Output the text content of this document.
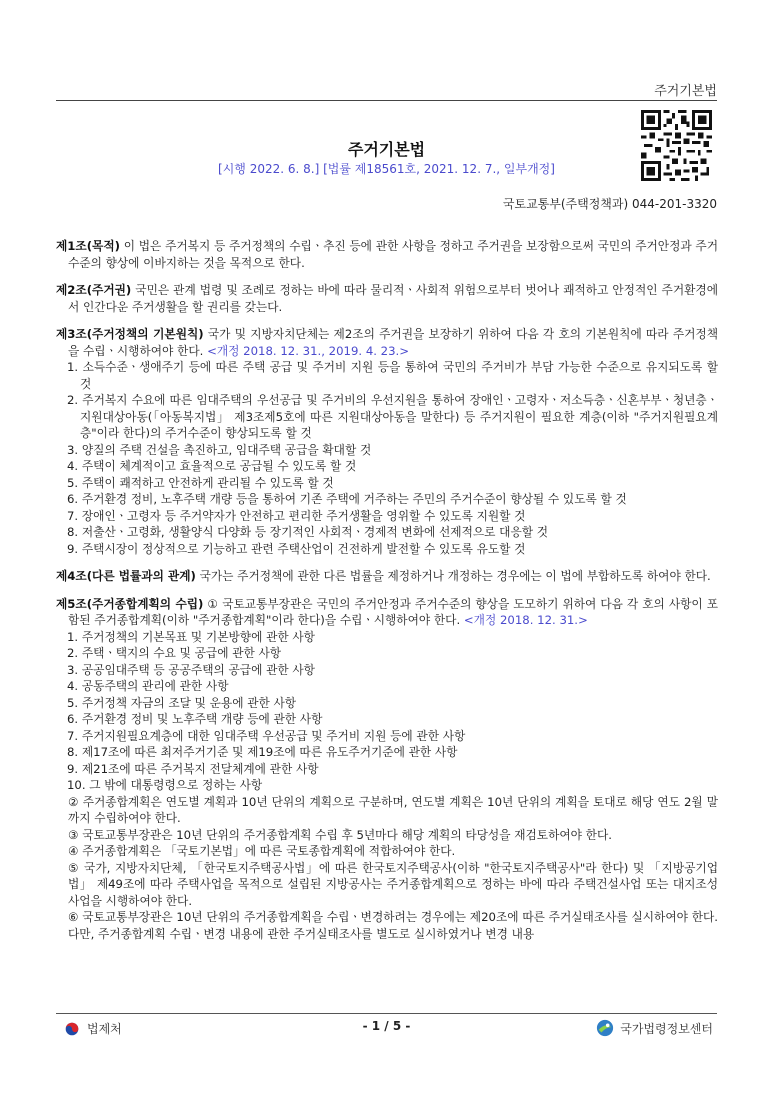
주거기본법
주거기본법
[시행 2022. 6. 8.] [법률 제18561호, 2021. 12. 7., 일부개정]
국토교통부(주택정책과) 044-201-3320
제1조(목적) 이 법은 주거복지 등 주거정책의 수립ㆍ추진 등에 관한 사항을 정하고 주거권을 보장함으로써 국민의 주거안정과 주거수준의 향상에 이바지하는 것을 목적으로 한다.
제2조(주거권) 국민은 관계 법령 및 조례로 정하는 바에 따라 물리적ㆍ사회적 위험으로부터 벗어나 쾌적하고 안정적인 주거환경에서 인간다운 주거생활을 할 권리를 갖는다.
제3조(주거정책의 기본원칙) 국가 및 지방자치단체는 제2조의 주거권을 보장하기 위하여 다음 각 호의 기본원칙에 따라 주거정책을 수립ㆍ시행하여야 한다. <개정 2018. 12. 31., 2019. 4. 23.>

1. 소득수준ㆍ생애주기 등에 따른 주택 공급 및 주거비 지원 등을 통하여 국민의 주거비가 부담 가능한 수준으로 유지되도록 할 것

2. 주거복지 수요에 따른 임대주택의 우선공급 및 주거비의 우선지원을 통하여 장애인ㆍ고령자ㆍ저소득층ㆍ신혼부부ㆍ청년층ㆍ지원대상아동(「아동복지법」 제3조제5호에 따른 지원대상아동을 말한다) 등 주거지원이 필요한 계층(이하 "주거지원필요계층"이라 한다)의 주거수준이 향상되도록 할 것

3. 양질의 주택 건설을 촉진하고, 임대주택 공급을 확대할 것

4. 주택이 체계적이고 효율적으로 공급될 수 있도록 할 것

5. 주택이 쾌적하고 안전하게 관리될 수 있도록 할 것

6. 주거환경 정비, 노후주택 개량 등을 통하여 기존 주택에 거주하는 주민의 주거수준이 향상될 수 있도록 할 것

7. 장애인ㆍ고령자 등 주거약자가 안전하고 편리한 주거생활을 영위할 수 있도록 지원할 것

8. 저출산ㆍ고령화, 생활양식 다양화 등 장기적인 사회적ㆍ경제적 변화에 선제적으로 대응할 것

9. 주택시장이 정상적으로 기능하고 관련 주택산업이 건전하게 발전할 수 있도록 유도할 것

제4조(다른 법률과의 관계) 국가는 주거정책에 관한 다른 법률을 제정하거나 개정하는 경우에는 이 법에 부합하도록 하여야 한다.
제5조(주거종합계획의 수립) ① 국토교통부장관은 국민의 주거안정과 주거수준의 향상을 도모하기 위하여 다음 각 호의 사항이 포함된 주거종합계획(이하 "주거종합계획"이라 한다)을 수립ㆍ시행하여야 한다. <개정 2018. 12. 31.>

1. 주거정책의 기본목표 및 기본방향에 관한 사항

2. 주택ㆍ택지의 수요 및 공급에 관한 사항

3. 공공임대주택 등 공공주택의 공급에 관한 사항

4. 공동주택의 관리에 관한 사항

5. 주거정책 자금의 조달 및 운용에 관한 사항

6. 주거환경 정비 및 노후주택 개량 등에 관한 사항

7. 주거지원필요계층에 대한 임대주택 우선공급 및 주거비 지원 등에 관한 사항

8. 제17조에 따른 최저주거기준 및 제19조에 따른 유도주거기준에 관한 사항

9. 제21조에 따른 주거복지 전달체계에 관한 사항

10. 그 밖에 대통령령으로 정하는 사항

② 주거종합계획은 연도별 계획과 10년 단위의 계획으로 구분하며, 연도별 계획은 10년 단위의 계획을 토대로 해당 연도 2월 말까지 수립하여야 한다.

③ 국토교통부장관은 10년 단위의 주거종합계획 수립 후 5년마다 해당 계획의 타당성을 재검토하여야 한다.

④ 주거종합계획은 「국토기본법」에 따른 국토종합계획에 적합하여야 한다.

⑤ 국가, 지방자치단체, 「한국토지주택공사법」에 따른 한국토지주택공사(이하 "한국토지주택공사"라 한다) 및 「지방공기업법」 제49조에 따라 주택사업을 목적으로 설립된 지방공사는 주거종합계획으로 정하는 바에 따라 주택건설사업 또는 대지조성사업을 시행하여야 한다.

⑥ 국토교통부장관은 10년 단위의 주거종합계획을 수립ㆍ변경하려는 경우에는 제20조에 따른 주거실태조사를 실시하여야 한다. 다만, 주거종합계획 수립ㆍ변경 내용에 관한 주거실태조사를 별도로 실시하였거나 변경 내용

법제처	- 1 / 5 -	국가법령정보센터
